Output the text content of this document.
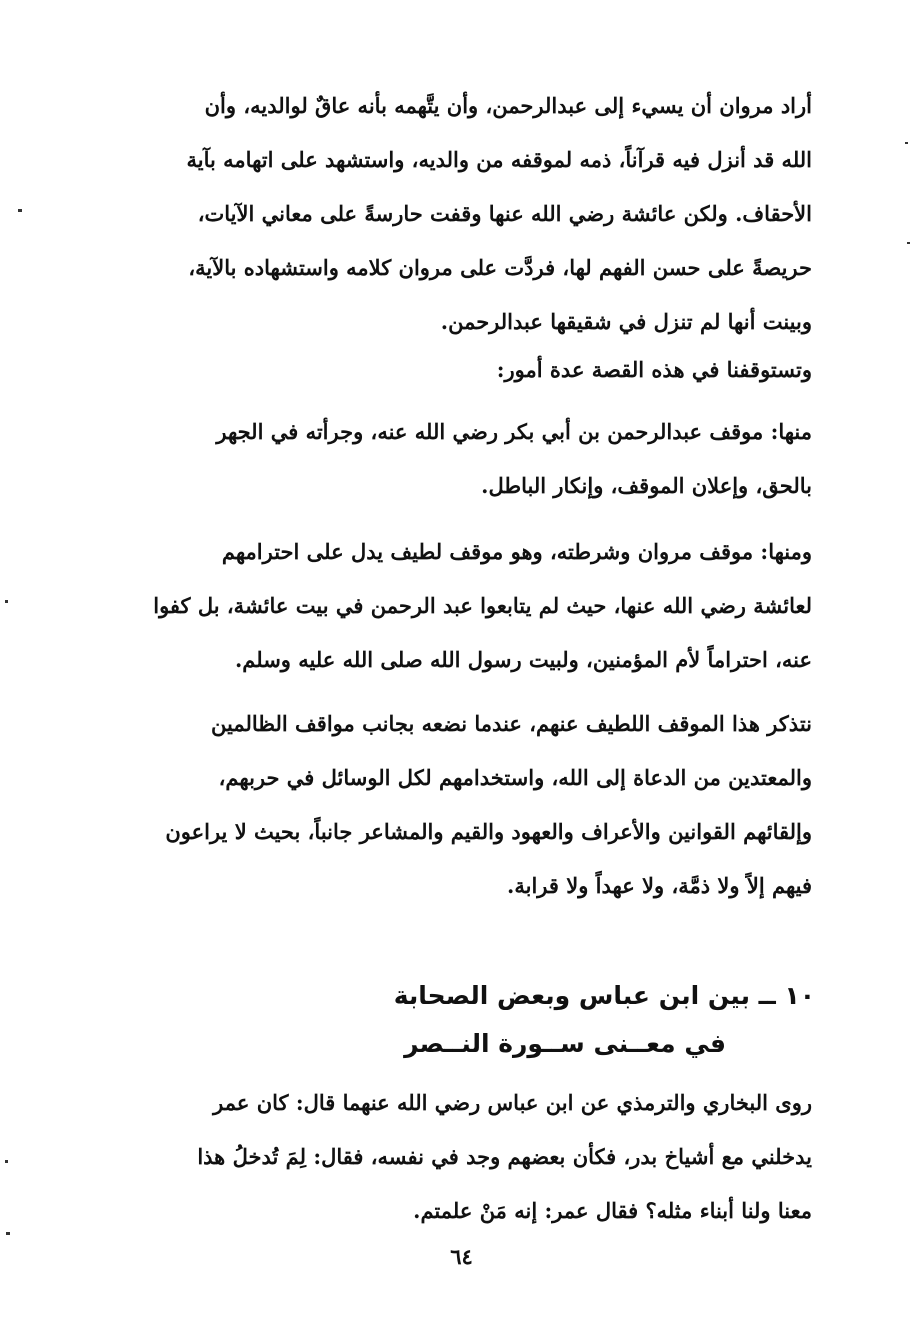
أراد مروان أن يسيء إلى عبدالرحمن، وأن يتَّهمه بأنه عاقٌ لوالديه، وأن
الله قد أنزل فيه قرآناً، ذمه لموقفه من والديه، واستشهد على اتهامه بآية
الأحقاف. ولكن عائشة رضي الله عنها وقفت حارسةً على معاني الآيات،
حريصةً على حسن الفهم لها، فردَّت على مروان كلامه واستشهاده بالآية،
وبينت أنها لم تنزل في شقيقها عبدالرحمن.
وتستوقفنا في هذه القصة عدة أمور:
منها: موقف عبدالرحمن بن أبي بكر رضي الله عنه، وجرأته في الجهر
بالحق، وإعلان الموقف، وإنكار الباطل.
ومنها: موقف مروان وشرطته، وهو موقف لطيف يدل على احترامهم
لعائشة رضي الله عنها، حيث لم يتابعوا عبد الرحمن في بيت عائشة، بل كفوا
عنه، احتراماً لأم المؤمنين، ولبيت رسول الله صلى الله عليه وسلم.
نتذكر هذا الموقف اللطيف عنهم، عندما نضعه بجانب مواقف الظالمين
والمعتدين من الدعاة إلى الله، واستخدامهم لكل الوسائل في حربهم،
وإلقائهم القوانين والأعراف والعهود والقيم والمشاعر جانباً، بحيث لا يراعون
فيهم إلاً ولا ذمَّة، ولا عهداً ولا قرابة.
١٠ ــ بين ابن عباس وبعض الصحابة
في معــنى ســورة النــصر
روى البخاري والترمذي عن ابن عباس رضي الله عنهما قال: كان عمر
يدخلني مع أشياخ بدر، فكأن بعضهم وجد في نفسه، فقال: لِمَ تُدخلُ هذا
معنا ولنا أبناء مثله؟ فقال عمر: إنه مَنْ علمتم.
٦٤
